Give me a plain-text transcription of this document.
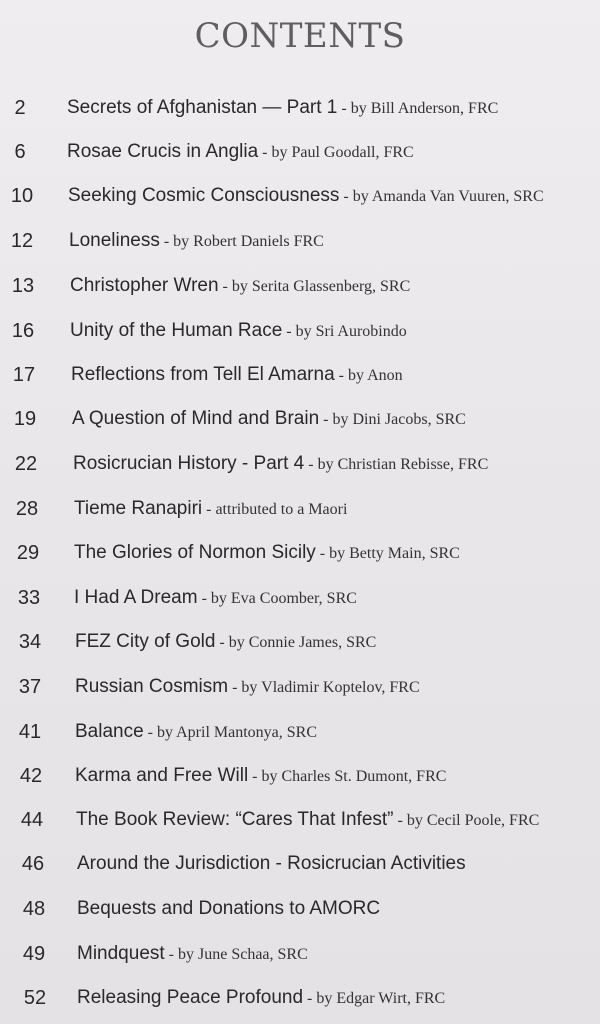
CONTENTS
2	Secrets of Afghanistan — Part 1 - by Bill Anderson, FRC
6	Rosae Crucis in Anglia - by Paul Goodall, FRC
10	Seeking Cosmic Consciousness - by Amanda Van Vuuren, SRC
12	Loneliness - by Robert Daniels FRC
13	Christopher Wren - by Serita Glassenberg, SRC
16	Unity of the Human Race - by Sri Aurobindo
17	Reflections from Tell El Amarna - by Anon
19	A Question of Mind and Brain - by Dini Jacobs, SRC
22	Rosicrucian History - Part 4 - by Christian Rebisse, FRC
28	Tieme Ranapiri - attributed to a Maori
29	The Glories of Normon Sicily - by Betty Main, SRC
33	I Had A Dream - by Eva Coomber, SRC
34	FEZ City of Gold - by Connie James, SRC
37	Russian Cosmism - by Vladimir Koptelov, FRC
41	Balance - by April Mantonya, SRC
42	Karma and Free Will - by Charles St. Dumont, FRC
44	The Book Review: “Cares That Infest” - by Cecil Poole, FRC
46	Around the Jurisdiction - Rosicrucian Activities
48	Bequests and Donations to AMORC
49	Mindquest - by June Schaa, SRC
52	Releasing Peace Profound - by Edgar Wirt, FRC
